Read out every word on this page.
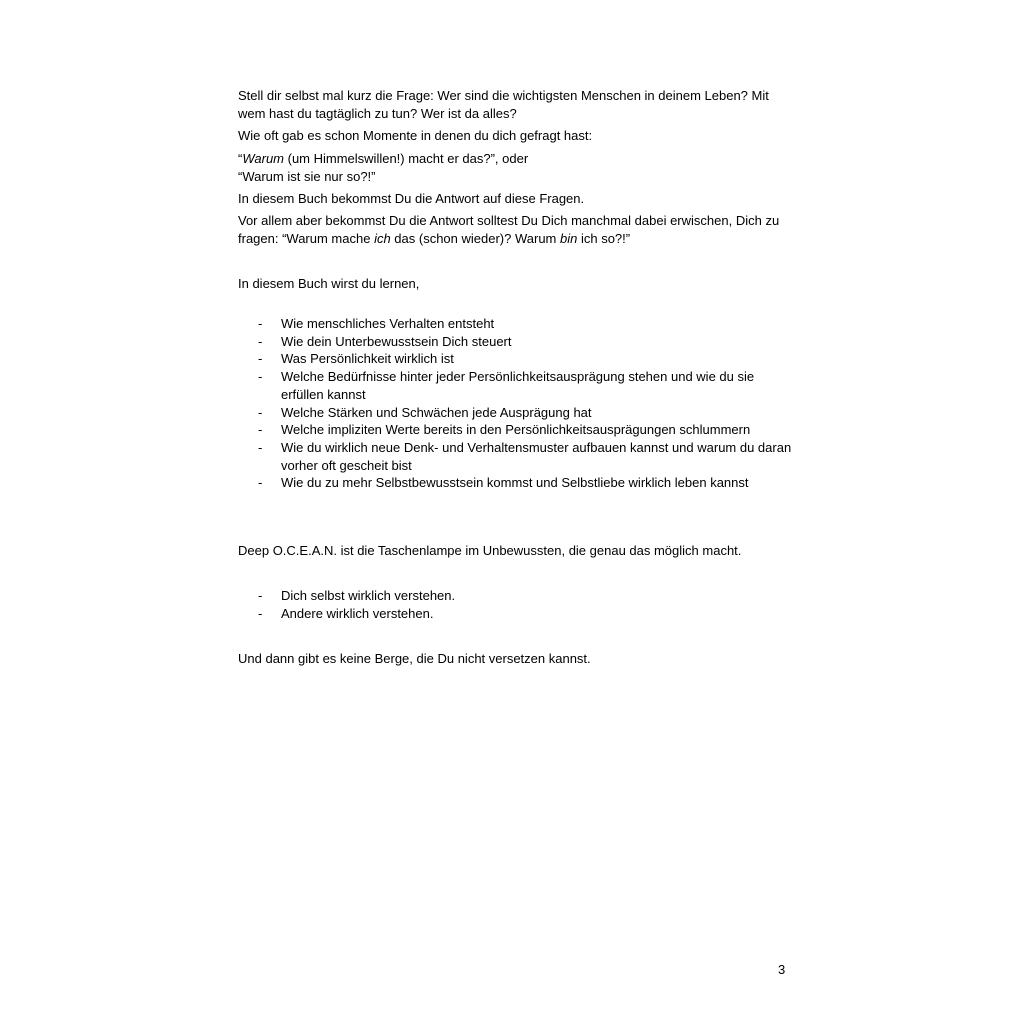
Stell dir selbst mal kurz die Frage: Wer sind die wichtigsten Menschen in deinem Leben? Mit wem hast du tagtäglich zu tun? Wer ist da alles?

Wie oft gab es schon Momente in denen du dich gefragt hast:

“Warum (um Himmelswillen!) macht er das?”, oder

“Warum ist sie nur so?!”

In diesem Buch bekommst Du die Antwort auf diese Fragen.

Vor allem aber bekommst Du die Antwort solltest Du Dich manchmal dabei erwischen, Dich zu fragen: “Warum mache ich das (schon wieder)? Warum bin ich so?!”

In diesem Buch wirst du lernen,

- Wie menschliches Verhalten entsteht
- Wie dein Unterbewusstsein Dich steuert
- Was Persönlichkeit wirklich ist
- Welche Bedürfnisse hinter jeder Persönlichkeitsausprägung stehen und wie du sie erfüllen kannst
- Welche Stärken und Schwächen jede Ausprägung hat
- Welche impliziten Werte bereits in den Persönlichkeitsausprägungen schlummern
- Wie du wirklich neue Denk- und Verhaltensmuster aufbauen kannst und warum du daran vorher oft gescheit bist
- Wie du zu mehr Selbstbewusstsein kommst und Selbstliebe wirklich leben kannst

Deep O.C.E.A.N. ist die Taschenlampe im Unbewussten, die genau das möglich macht.

- Dich selbst wirklich verstehen.
- Andere wirklich verstehen.

Und dann gibt es keine Berge, die Du nicht versetzen kannst.

3
